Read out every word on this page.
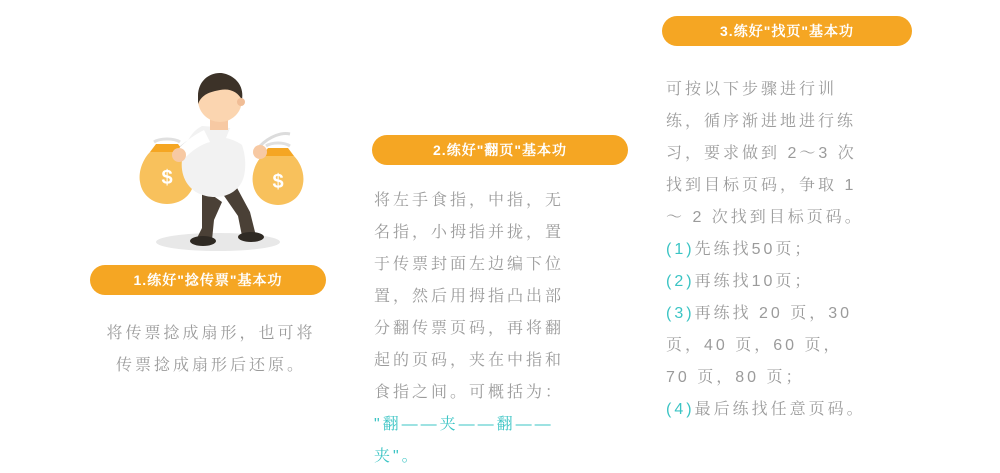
$	$
1.练好"捻传票"基本功
将传票捻成扇形，也可将
传票捻成扇形后还原。
2.练好"翻页"基本功
将左手食指，中指，无
名指，小拇指并拢，置
于传票封面左边编下位
置，然后用拇指凸出部
分翻传票页码，再将翻
起的页码，夹在中指和
食指之间。可概括为：
"翻——夹——翻——
夹"。
3.练好"找页"基本功
可按以下步骤进行训
练，循序渐进地进行练
习，要求做到 2～3 次
找到目标页码，争取 1
～ 2 次找到目标页码。
(1)先练找50页；
(2)再练找10页；
(3)再练找 20 页，30
页，40 页，60 页，
70 页，80 页；
(4)最后练找任意页码。
